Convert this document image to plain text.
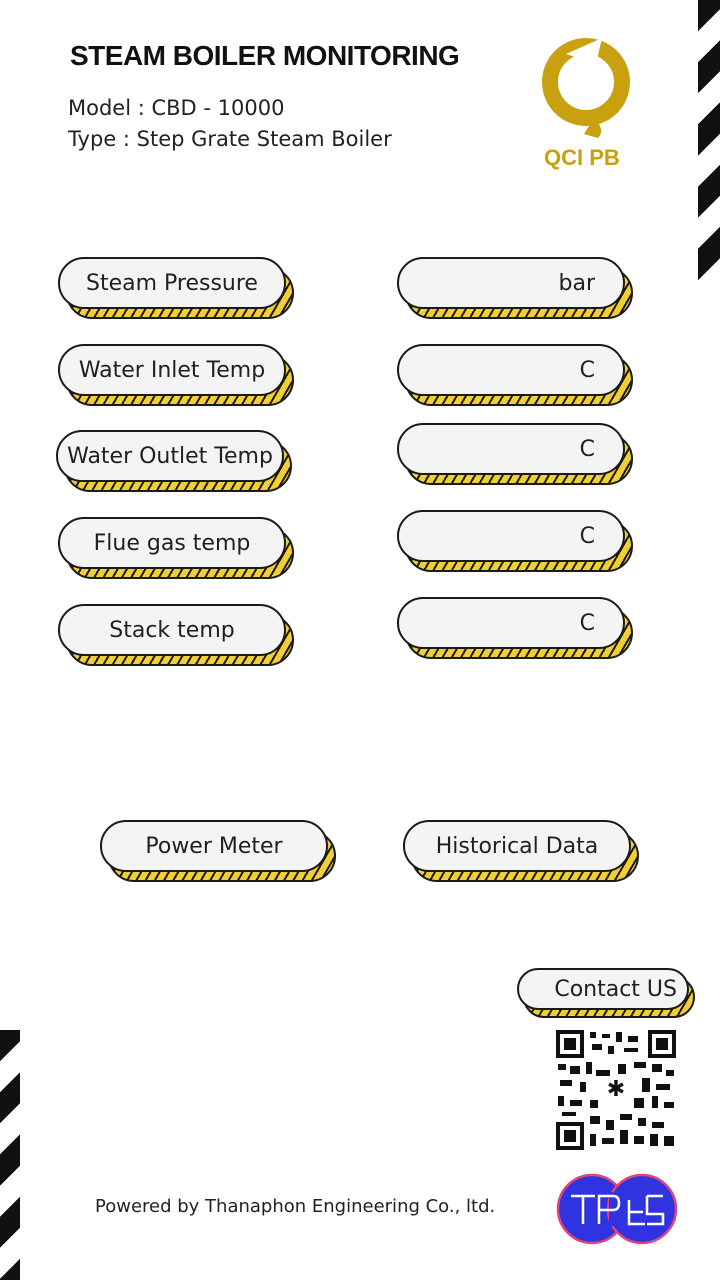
STEAM BOILER MONITORING
Model : CBD - 10000
Type : Step Grate Steam Boiler
QCI PB
Steam Pressure
Water Inlet Temp
Water Outlet Temp
Flue gas temp
Stack temp
bar
C
C
C
C
Power Meter	Historical Data
Contact US
✱
Powered by Thanaphon Engineering Co., ltd.
